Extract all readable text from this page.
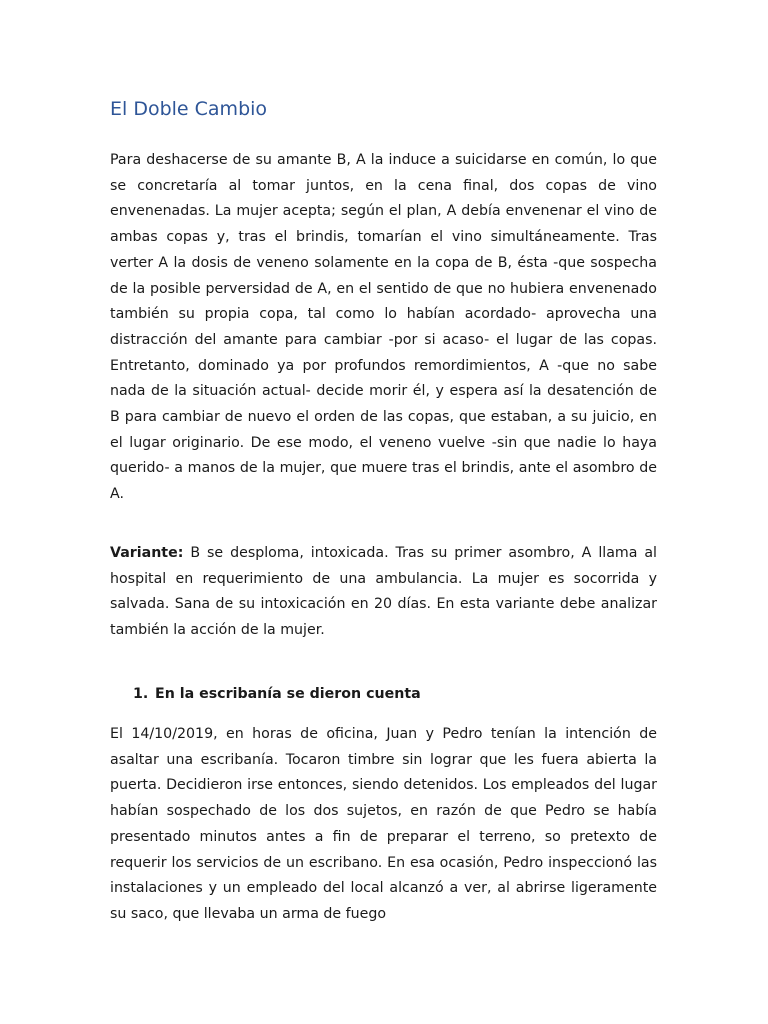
El Doble Cambio

Para deshacerse de su amante B, A la induce a suicidarse en común, lo que se concretaría al tomar juntos, en la cena final, dos copas de vino envenenadas. La mujer acepta; según el plan, A debía envenenar el vino de ambas copas y, tras el brindis, tomarían el vino simultáneamente. Tras verter A la dosis de veneno solamente en la copa de B, ésta -que sospecha de la posible perversidad de A, en el sentido de que no hubiera envenenado también su propia copa, tal como lo habían acordado- aprovecha una distracción del amante para cambiar -por si acaso- el lugar de las copas. Entretanto, dominado ya por profundos remordimientos, A -que no sabe nada de la situación actual- decide morir él, y espera así la desatención de B para cambiar de nuevo el orden de las copas, que estaban, a su juicio, en el lugar originario. De ese modo, el veneno vuelve -sin que nadie lo haya querido- a manos de la mujer, que muere tras el brindis, ante el asombro de A.

Variante: B se desploma, intoxicada. Tras su primer asombro, A llama al hospital en requerimiento de una ambulancia. La mujer es socorrida y salvada. Sana de su intoxicación en 20 días. En esta variante debe analizar también la acción de la mujer.

1. En la escribanía se dieron cuenta

El 14/10/2019, en horas de oficina, Juan y Pedro tenían la intención de asaltar una escribanía. Tocaron timbre sin lograr que les fuera abierta la puerta. Decidieron irse entonces, siendo detenidos. Los empleados del lugar habían sospechado de los dos sujetos, en razón de que Pedro se había presentado minutos antes a fin de preparar el terreno, so pretexto de requerir los servicios de un escribano. En esa ocasión, Pedro inspeccionó las instalaciones y un empleado del local alcanzó a ver, al abrirse ligeramente su saco, que llevaba un arma de fuego
